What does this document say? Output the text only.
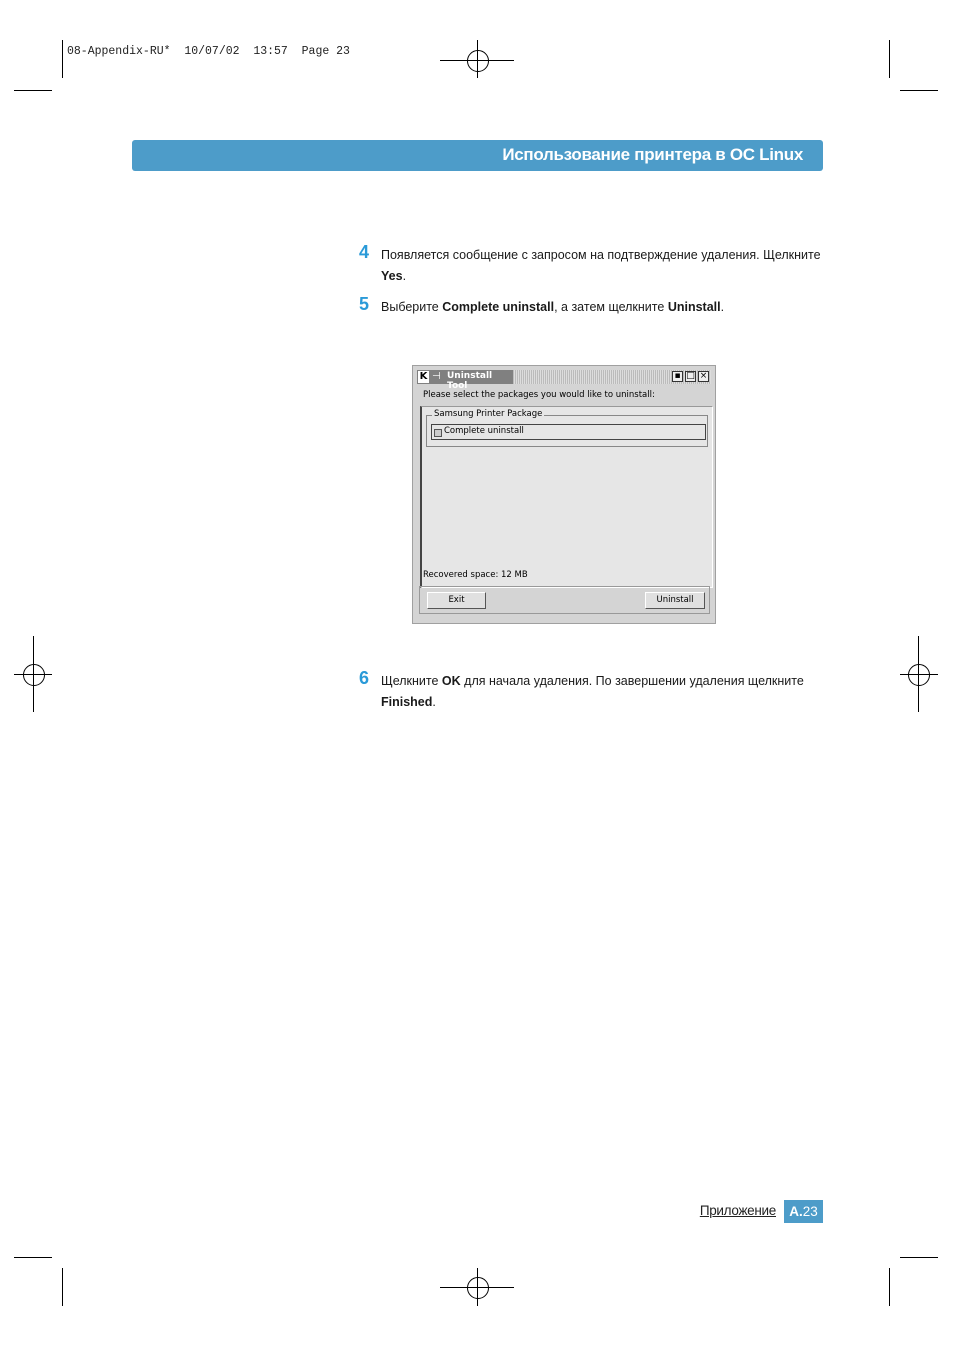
08-Appendix-RU*  10/07/02  13:57  Page 23
Использование принтера в ОС Linux
4 Появляется сообщение с запросом на подтверждение удаления. Щелкните Yes.
5 Выберите Complete uninstall, а затем щелкните Uninstall.
K ⊣ Uninstall Tool
▪ □ ×
Please select the packages you would like to uninstall:
Samsung Printer Package
Complete uninstall
Recovered space: 12 MB
Exit	Uninstall
6 Щелкните OK для начала удаления. По завершении удаления щелкните Finished.
Приложение A.23
